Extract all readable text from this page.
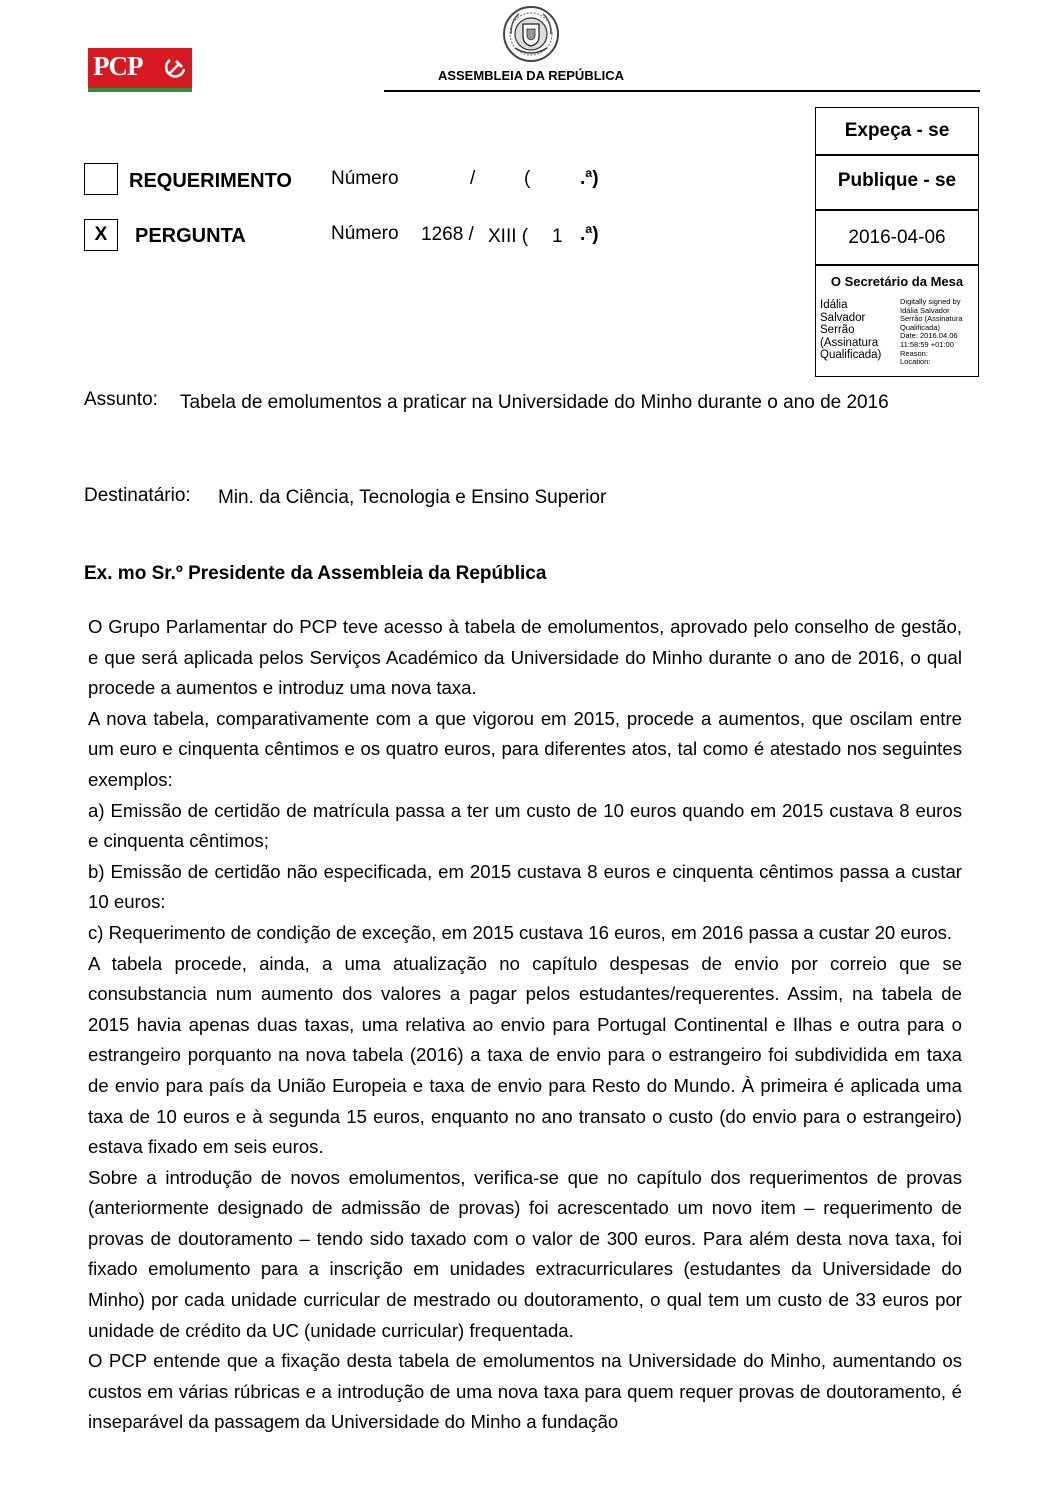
PCP	ASSEMBLEIA DA REPÚBLICA
REQUERIMENTO Número	/	(	.ª)
X	PERGUNTA	Número 1268 / XIII ( 1 .ª)
Expeça - se
Publique - se
2016-04-06
O Secretário da Mesa
Idália
Salvador
Serrão
(Assinatura
Qualificada)
Digitally signed by
Idália Salvador
Serrão (Assinatura
Qualificada)
Date: 2016.04.06
11:58:59 +01:00
Reason:
Location:
Assunto: Tabela de emolumentos a praticar na Universidade do Minho durante o ano de 2016
Destinatário: Min. da Ciência, Tecnologia e Ensino Superior
Ex. mo Sr.º Presidente da Assembleia da República

O Grupo Parlamentar do PCP teve acesso à tabela de emolumentos, aprovado pelo conselho de gestão, e que será aplicada pelos Serviços Académico da Universidade do Minho durante o ano de 2016, o qual procede a aumentos e introduz uma nova taxa.

A nova tabela, comparativamente com a que vigorou em 2015, procede a aumentos, que oscilam entre um euro e cinquenta cêntimos e os quatro euros, para diferentes atos, tal como é atestado nos seguintes exemplos:

a) Emissão de certidão de matrícula passa a ter um custo de 10 euros quando em 2015 custava 8 euros e cinquenta cêntimos;

b) Emissão de certidão não especificada, em 2015 custava 8 euros e cinquenta cêntimos passa a custar 10 euros:

c) Requerimento de condição de exceção, em 2015 custava 16 euros, em 2016 passa a custar 20 euros.

A tabela procede, ainda, a uma atualização no capítulo despesas de envio por correio que se consubstancia num aumento dos valores a pagar pelos estudantes/requerentes. Assim, na tabela de 2015 havia apenas duas taxas, uma relativa ao envio para Portugal Continental e Ilhas e outra para o estrangeiro porquanto na nova tabela (2016) a taxa de envio para o estrangeiro foi subdividida em taxa de envio para país da União Europeia e taxa de envio para Resto do Mundo. À primeira é aplicada uma taxa de 10 euros e à segunda 15 euros, enquanto no ano transato o custo (do envio para o estrangeiro) estava fixado em seis euros.

Sobre a introdução de novos emolumentos, verifica-se que no capítulo dos requerimentos de provas (anteriormente designado de admissão de provas) foi acrescentado um novo item – requerimento de provas de doutoramento – tendo sido taxado com o valor de 300 euros. Para além desta nova taxa, foi fixado emolumento para a inscrição em unidades extracurriculares (estudantes da Universidade do Minho) por cada unidade curricular de mestrado ou doutoramento, o qual tem um custo de 33 euros por unidade de crédito da UC (unidade curricular) frequentada.

O PCP entende que a fixação desta tabela de emolumentos na Universidade do Minho, aumentando os custos em várias rúbricas e a introdução de uma nova taxa para quem requer provas de doutoramento, é inseparável da passagem da Universidade do Minho a fundação
